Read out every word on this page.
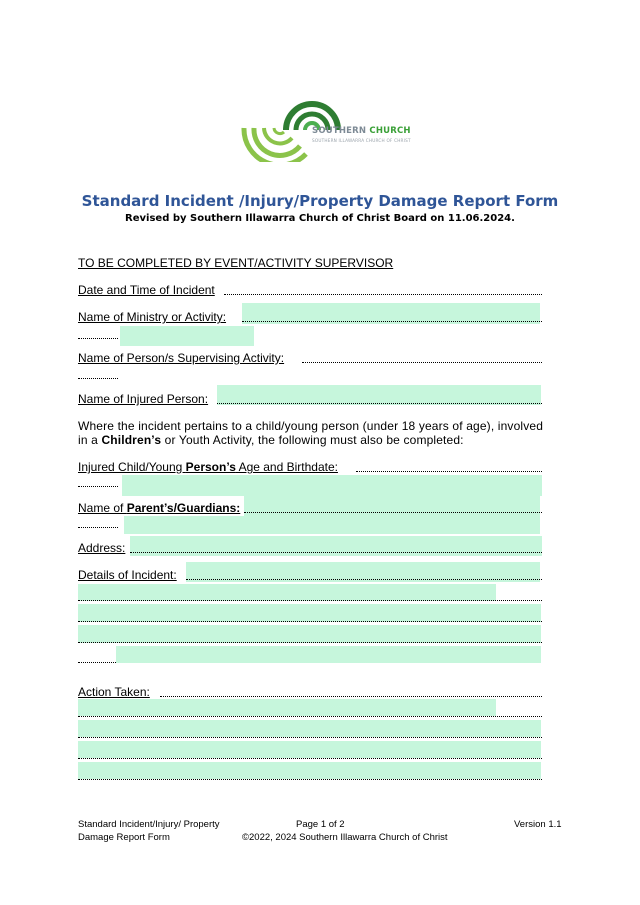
SOUTHERN CHURCH
SOUTHERN ILLAWARRA CHURCH OF CHRIST
Standard Incident /Injury/Property Damage Report Form
Revised by Southern Illawarra Church of Christ Board on 11.06.2024.
TO BE COMPLETED BY EVENT/ACTIVITY SUPERVISOR
Date and Time of Incident
Name of Ministry or Activity:
Name of Person/s Supervising Activity:
Name of Injured Person:
Where the incident pertains to a child/young person (under 18 years of age), involved in a Children’s or Youth Activity, the following must also be completed:
Injured Child/Young Person’s Age and Birthdate:
Name of Parent’s/Guardians:
Address:
Details of Incident:
Action Taken:
Standard Incident/Injury/ Property
Damage Report Form
Page 1 of 2
©2022, 2024 Southern Illawarra Church of Christ
Version 1.1
